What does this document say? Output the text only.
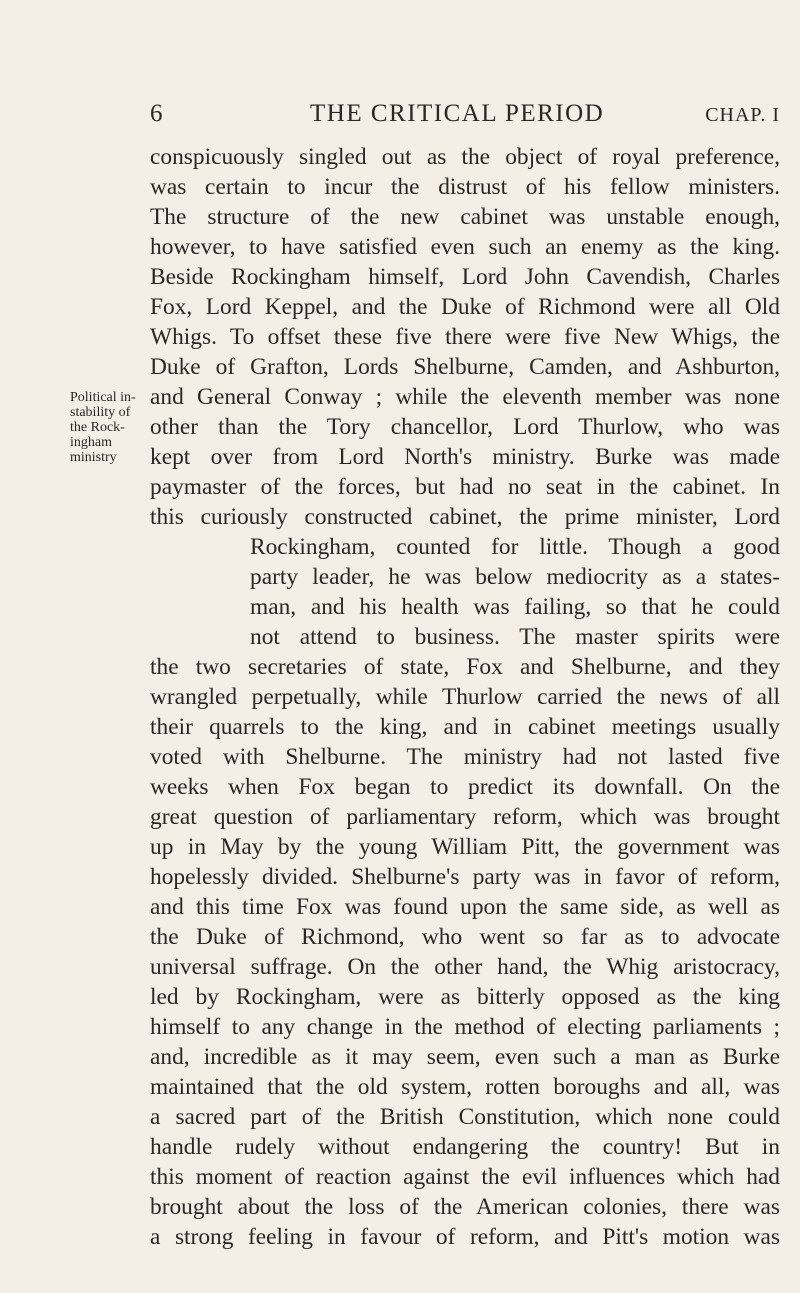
6	THE CRITICAL PERIOD	CHAP. I
Political in-
stability of
the Rock-
ingham
ministry
conspicuously singled out as the object of royal preference,
was certain to incur the distrust of his fellow ministers.
The structure of the new cabinet was unstable enough,
however, to have satisfied even such an enemy as the king.
Beside Rockingham himself, Lord John Cavendish, Charles
Fox, Lord Keppel, and the Duke of Richmond were all Old
Whigs. To offset these five there were five New Whigs, the
Duke of Grafton, Lords Shelburne, Camden, and Ashburton,
and General Conway ; while the eleventh member was none
other than the Tory chancellor, Lord Thurlow, who was
kept over from Lord North's ministry. Burke was made
paymaster of the forces, but had no seat in the cabinet. In
this curiously constructed cabinet, the prime minister, Lord
Rockingham, counted for little. Though a good
party leader, he was below mediocrity as a states-
man, and his health was failing, so that he could
not attend to business. The master spirits were
the two secretaries of state, Fox and Shelburne, and they
wrangled perpetually, while Thurlow carried the news of all
their quarrels to the king, and in cabinet meetings usually
voted with Shelburne. The ministry had not lasted five
weeks when Fox began to predict its downfall. On the
great question of parliamentary reform, which was brought
up in May by the young William Pitt, the government was
hopelessly divided. Shelburne's party was in favor of reform,
and this time Fox was found upon the same side, as well as
the Duke of Richmond, who went so far as to advocate
universal suffrage. On the other hand, the Whig aristocracy,
led by Rockingham, were as bitterly opposed as the king
himself to any change in the method of electing parliaments ;
and, incredible as it may seem, even such a man as Burke
maintained that the old system, rotten boroughs and all, was
a sacred part of the British Constitution, which none could
handle rudely without endangering the country! But in
this moment of reaction against the evil influences which had
brought about the loss of the American colonies, there was
a strong feeling in favour of reform, and Pitt's motion was
